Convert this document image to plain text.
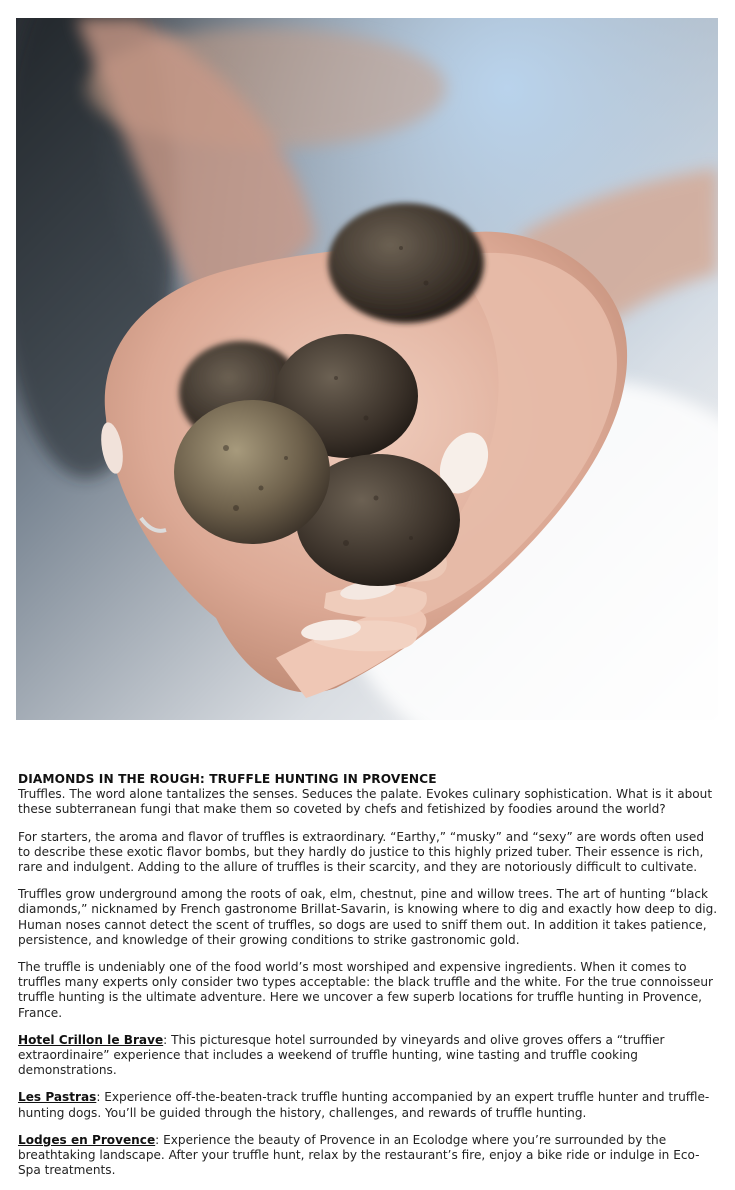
DIAMONDS IN THE ROUGH: TRUFFLE HUNTING IN PROVENCE

Truffles. The word alone tantalizes the senses. Seduces the palate. Evokes culinary sophistication. What is it about these subterranean fungi that make them so coveted by chefs and fetishized by foodies around the world?

For starters, the aroma and flavor of truffles is extraordinary. “Earthy,” “musky” and “sexy” are words often used to describe these exotic flavor bombs, but they hardly do justice to this highly prized tuber. Their essence is rich, rare and indulgent. Adding to the allure of truffles is their scarcity, and they are notoriously difficult to cultivate.

Truffles grow underground among the roots of oak, elm, chestnut, pine and willow trees. The art of hunting “black diamonds,” nicknamed by French gastronome Brillat-Savarin, is knowing where to dig and exactly how deep to dig. Human noses cannot detect the scent of truffles, so dogs are used to sniff them out. In addition it takes patience, persistence, and knowledge of their growing conditions to strike gastronomic gold.

The truffle is undeniably one of the food world’s most worshiped and expensive ingredients. When it comes to truffles many experts only consider two types acceptable: the black truffle and the white. For the true connoisseur truffle hunting is the ultimate adventure. Here we uncover a few superb locations for truffle hunting in Provence, France.

Hotel Crillon le Brave: This picturesque hotel surrounded by vineyards and olive groves offers a “truffier extraordinaire” experience that includes a weekend of truffle hunting, wine tasting and truffle cooking demonstrations.

Les Pastras: Experience off-the-beaten-track truffle hunting accompanied by an expert truffle hunter and truffle-hunting dogs. You’ll be guided through the history, challenges, and rewards of truffle hunting.

Lodges en Provence: Experience the beauty of Provence in an Ecolodge where you’re surrounded by the breathtaking landscape. After your truffle hunt, relax by the restaurant’s fire, enjoy a bike ride or indulge in Eco-Spa treatments.
